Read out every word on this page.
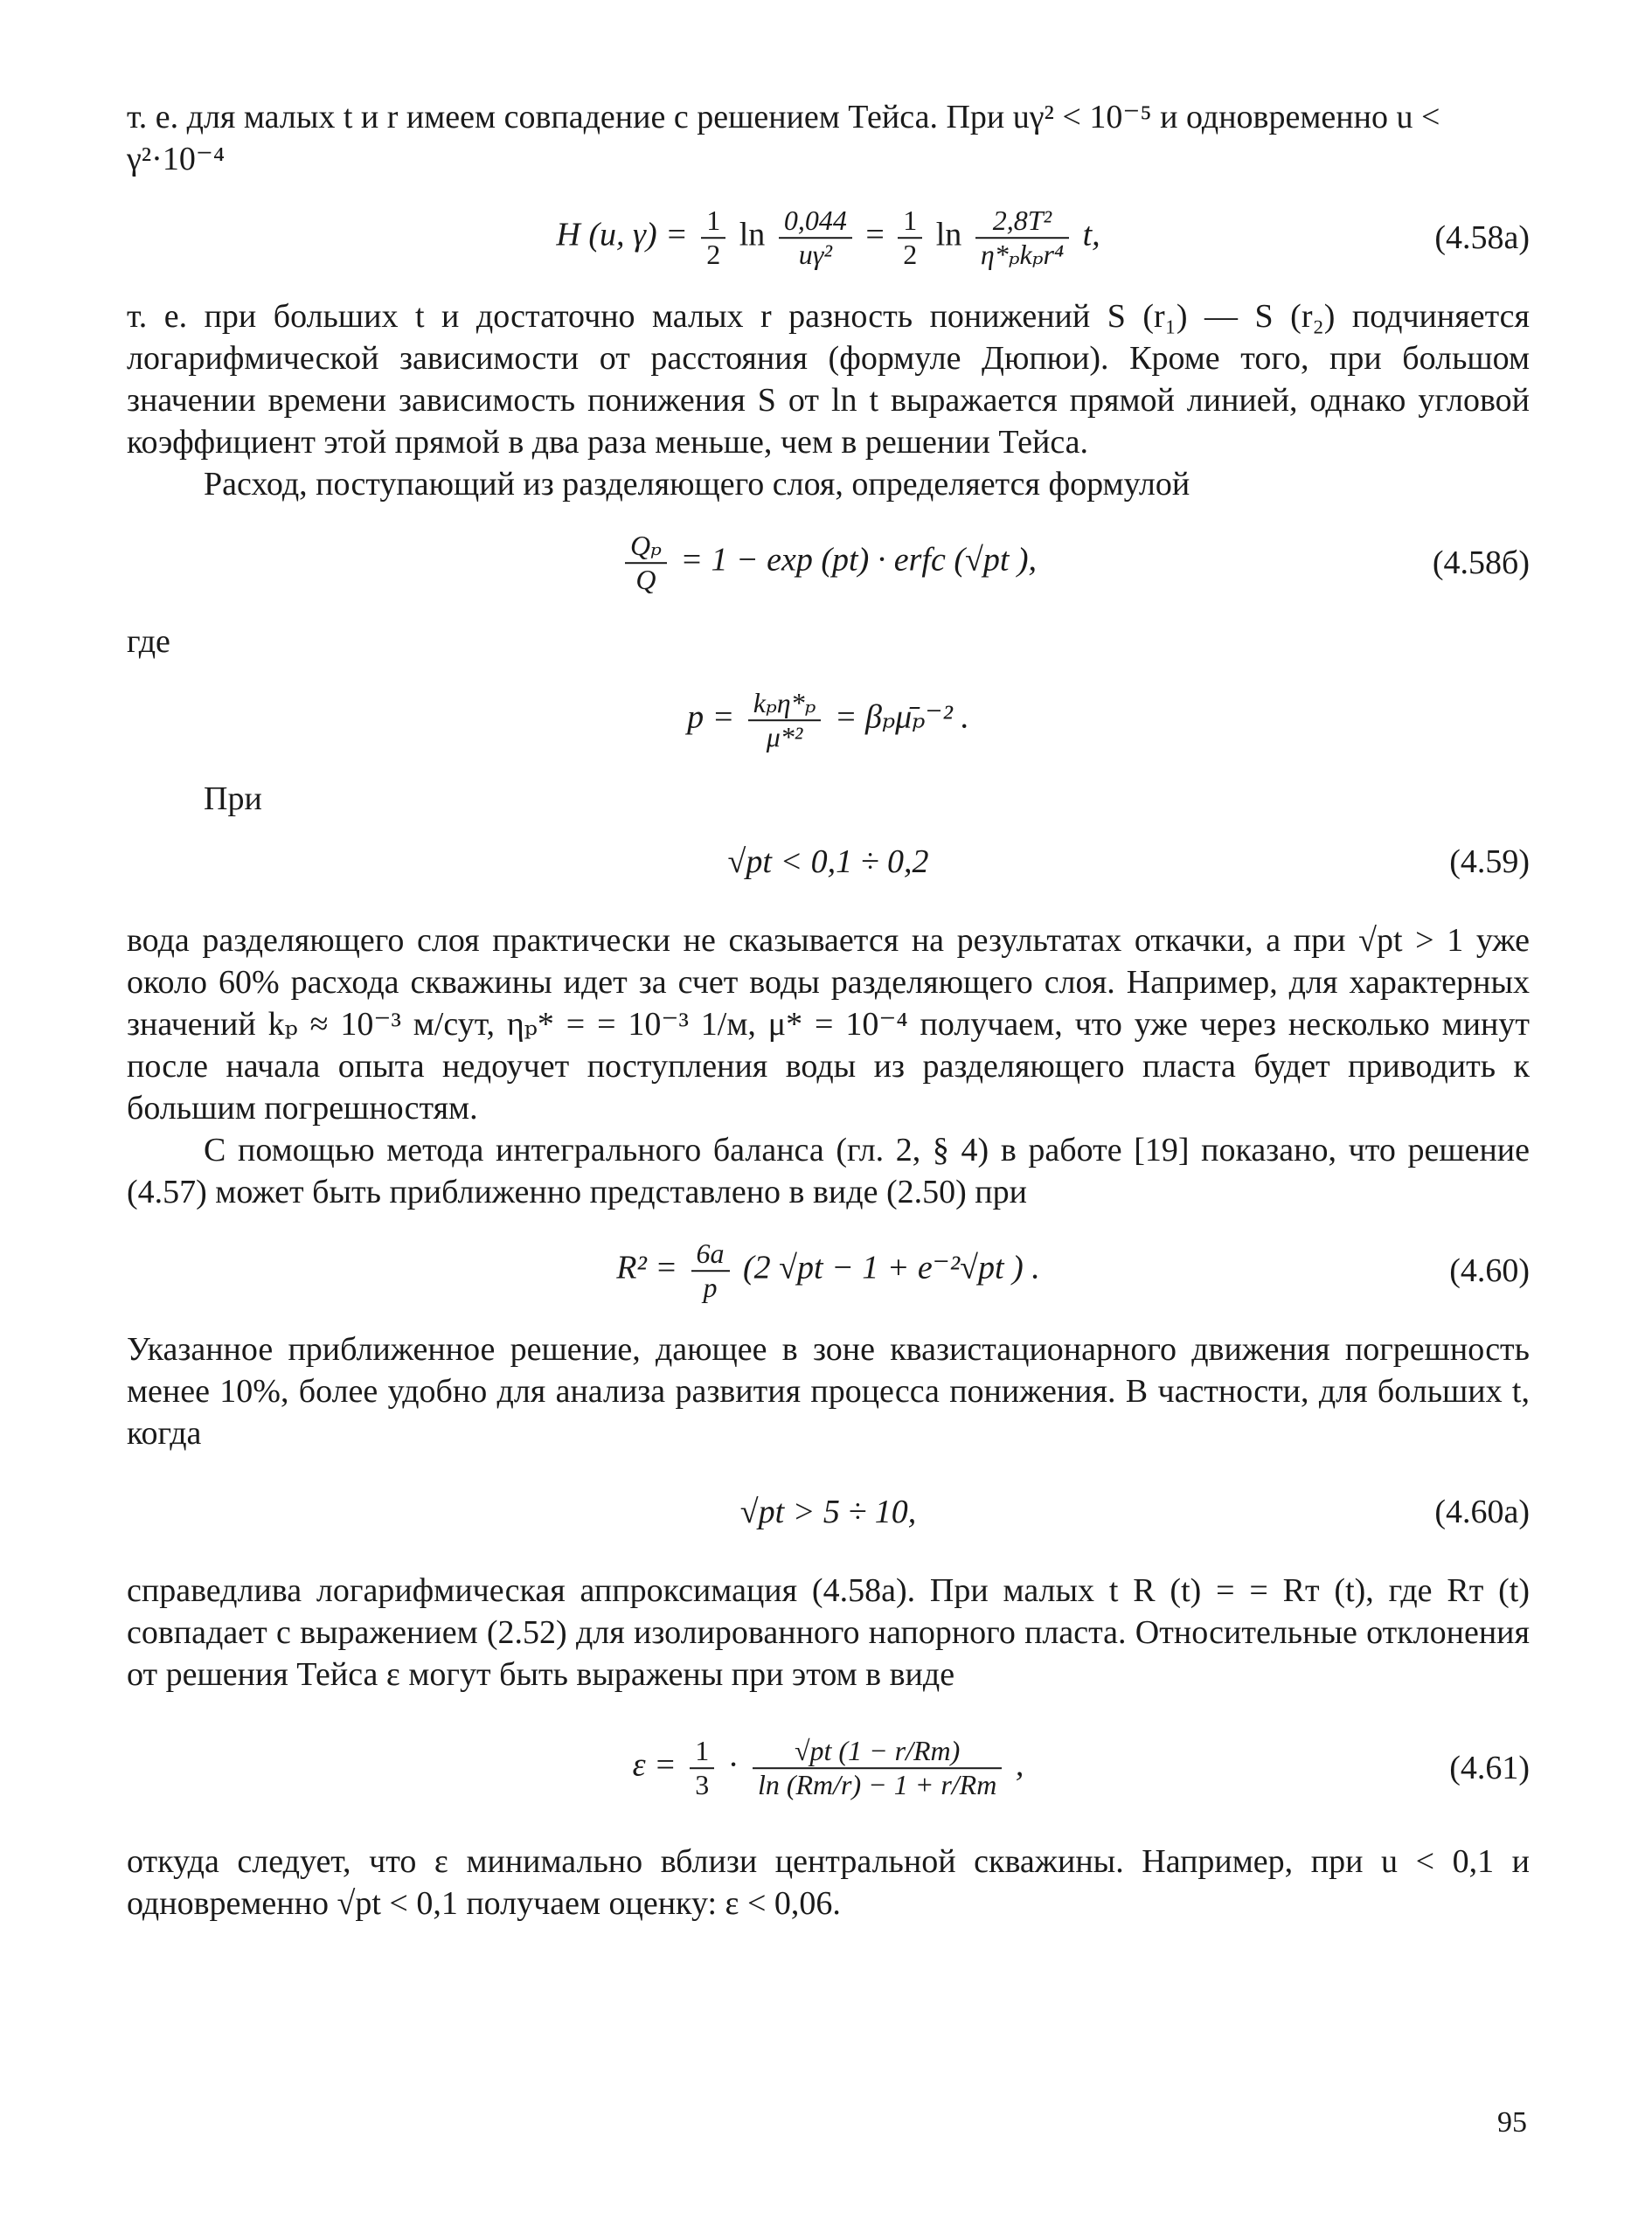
т. е. для малых t и r имеем совпадение с решением Тейса. При uγ² < 10⁻⁵ и одновременно u < γ²·10⁻⁴

H (u, $\gamma) = \frac{1}{2}$ $\ln \frac{0,044}{\text{uγ²}} = \frac{1}{2}$ $\ln \frac{\text{2,8T²}}{\text{η*ₚkₚr⁴}} t$,	(4.58а)

т. е. при больших t и достаточно малых r разность понижений S (r₁) — S (r₂) подчиняется логарифмической зависимости от расстояния (формуле Дюпюи). Кроме того, при большом значении времени зависимость понижения S от ln t выражается прямой линией, однако угловой коэффициент этой прямой в два раза меньше, чем в решении Тейса.

Расход, поступающий из разделяющего слоя, определяется формулой

$\frac{\text{Qₚ}}{Q} = 1 - \exp (pt)$ · erfc (√pt ),	(4.58б)

где

$p = \frac{\text{kₚη*ₚ}}{\text{μ*²}}$ = βₚμ̄ₚ⁻² .

При

√pt < 0,1 ÷ 0,2	(4.59)

вода разделяющего слоя практически не сказывается на результатах откачки, а при √pt > 1 уже около 60% расхода скважины идет за счет воды разделяющего слоя. Например, для характерных значений kₚ ≈ 10⁻³ м/сут, ηₚ* = = 10⁻³ 1/м, μ* = 10⁻⁴ получаем, что уже через несколько минут после начала опыта недоучет поступления воды из разделяющего пласта будет приводить к большим погрешностям.

С помощью метода интегрального баланса (гл. 2, § 4) в работе [19] показано, что решение (4.57) может быть приближенно представлено в виде (2.50) при

$R^2 = \frac{6a}{p} (2$ √pt − 1 + e⁻²√pt ) .	(4.60)

Указанное приближенное решение, дающее в зоне квазистационарного движения погрешность менее 10%, более удобно для анализа развития процесса понижения. В частности, для больших t, когда

√pt > 5 ÷ 10,	(4.60а)

справедлива логарифмическая аппроксимация (4.58а). При малых t R (t) = = Rт (t), где Rт (t) совпадает с выражением (2.52) для изолированного напорного пласта. Относительные отклонения от решения Тейса ε могут быть выражены при этом в виде

$\varepsilon = \frac{1}{3} \cdot \frac{√pt (1 - r/Rт)}{\ln (Rт/r) - 1 + r/Rт}$ ,	(4.61)

откуда следует, что ε минимально вблизи центральной скважины. Например, при u < 0,1 и одновременно √pt < 0,1 получаем оценку: ε < 0,06.

95
